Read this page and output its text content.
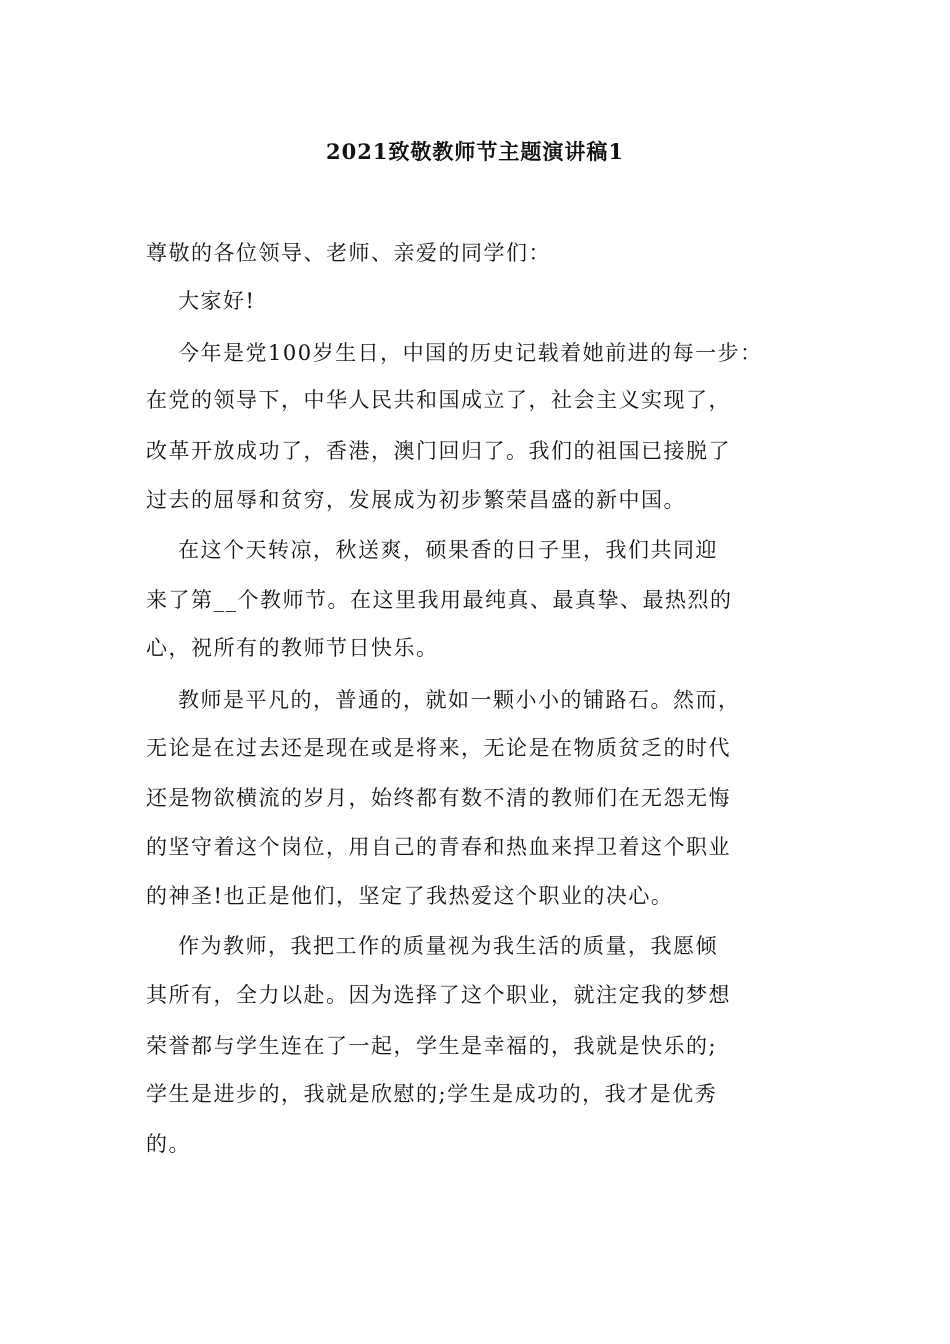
2021致敬教师节主题演讲稿1
尊敬的各位领导、老师、亲爱的同学们：
大家好!
今年是党100岁生日，中国的历史记载着她前进的每一步：
在党的领导下，中华人民共和国成立了，社会主义实现了，
改革开放成功了，香港，澳门回归了。我们的祖国已接脱了
过去的屈辱和贫穷，发展成为初步繁荣昌盛的新中国。
在这个天转凉，秋送爽，硕果香的日子里，我们共同迎
来了第__个教师节。在这里我用最纯真、最真挚、最热烈的
心，祝所有的教师节日快乐。
教师是平凡的，普通的，就如一颗小小的铺路石。然而，
无论是在过去还是现在或是将来，无论是在物质贫乏的时代
还是物欲横流的岁月，始终都有数不清的教师们在无怨无悔
的坚守着这个岗位，用自己的青春和热血来捍卫着这个职业
的神圣!也正是他们，坚定了我热爱这个职业的决心。
作为教师，我把工作的质量视为我生活的质量，我愿倾
其所有，全力以赴。因为选择了这个职业，就注定我的梦想
荣誉都与学生连在了一起，学生是幸福的，我就是快乐的;
学生是进步的，我就是欣慰的;学生是成功的，我才是优秀
的。
